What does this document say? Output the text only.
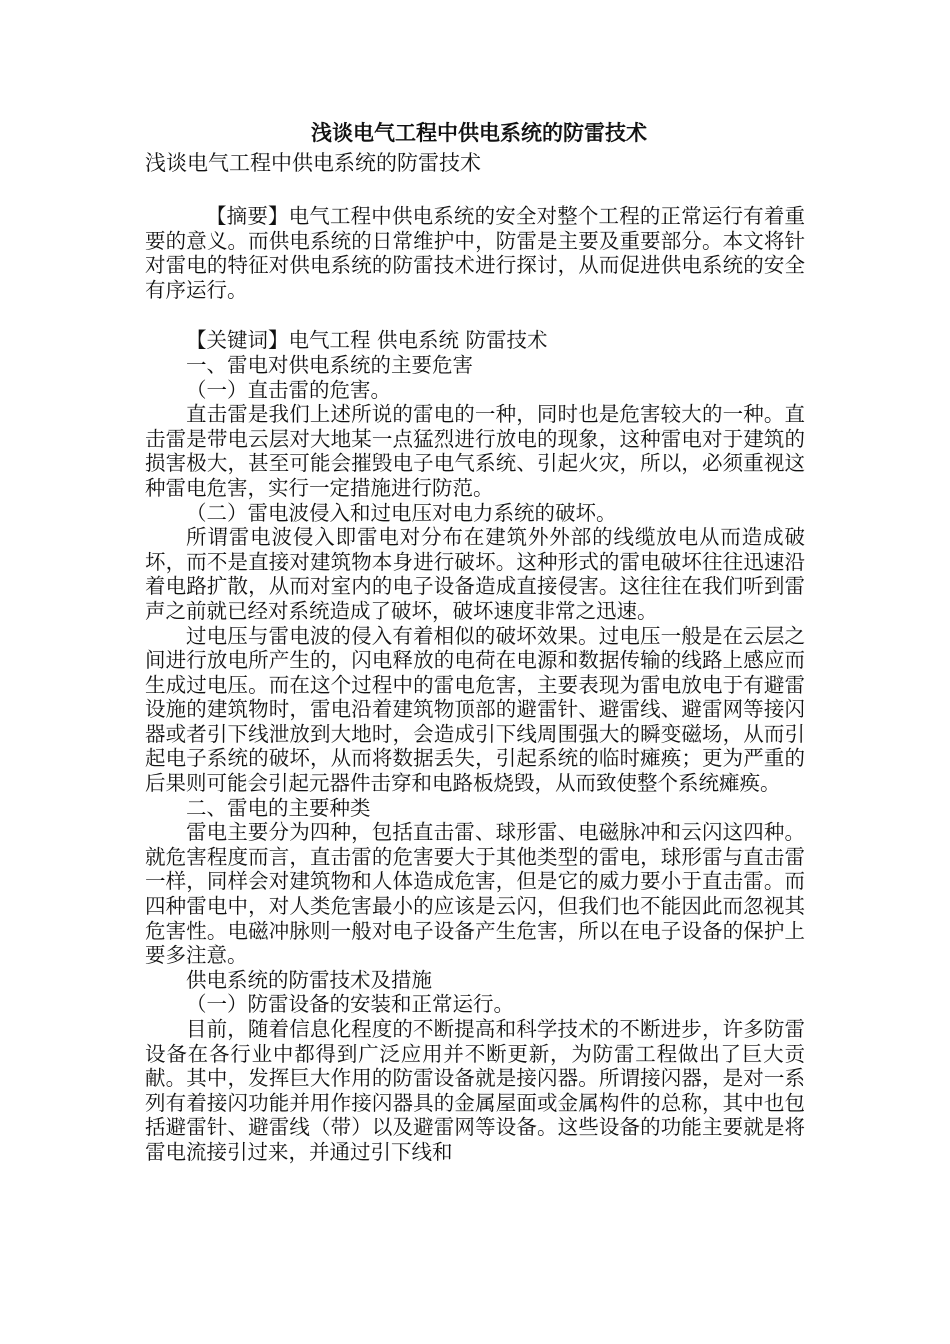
浅谈电气工程中供电系统的防雷技术
浅谈电气工程中供电系统的防雷技术

【摘要】电气工程中供电系统的安全对整个工程的正常运行有着重要的意义。而供电系统的日常维护中，防雷是主要及重要部分。本文将针对雷电的特征对供电系统的防雷技术进行探讨，从而促进供电系统的安全有序运行。

【关键词】电气工程 供电系统 防雷技术

一、雷电对供电系统的主要危害

（一）直击雷的危害。

直击雷是我们上述所说的雷电的一种，同时也是危害较大的一种。直击雷是带电云层对大地某一点猛烈进行放电的现象，这种雷电对于建筑的损害极大，甚至可能会摧毁电子电气系统、引起火灾，所以，必须重视这种雷电危害，实行一定措施进行防范。

（二）雷电波侵入和过电压对电力系统的破坏。

所谓雷电波侵入即雷电对分布在建筑外外部的线缆放电从而造成破坏，而不是直接对建筑物本身进行破坏。这种形式的雷电破坏往往迅速沿着电路扩散，从而对室内的电子设备造成直接侵害。这往往在我们听到雷声之前就已经对系统造成了破坏，破坏速度非常之迅速。

过电压与雷电波的侵入有着相似的破坏效果。过电压一般是在云层之间进行放电所产生的，闪电释放的电荷在电源和数据传输的线路上感应而生成过电压。而在这个过程中的雷电危害，主要表现为雷电放电于有避雷设施的建筑物时，雷电沿着建筑物顶部的避雷针、避雷线、避雷网等接闪器或者引下线泄放到大地时，会造成引下线周围强大的瞬变磁场，从而引起电子系统的破坏，从而将数据丢失，引起系统的临时瘫痪；更为严重的后果则可能会引起元器件击穿和电路板烧毁，从而致使整个系统瘫痪。

二、雷电的主要种类

雷电主要分为四种，包括直击雷、球形雷、电磁脉冲和云闪这四种。就危害程度而言，直击雷的危害要大于其他类型的雷电，球形雷与直击雷一样，同样会对建筑物和人体造成危害，但是它的威力要小于直击雷。而四种雷电中，对人类危害最小的应该是云闪，但我们也不能因此而忽视其危害性。电磁冲脉则一般对电子设备产生危害，所以在电子设备的保护上要多注意。

供电系统的防雷技术及措施

（一）防雷设备的安装和正常运行。

目前，随着信息化程度的不断提高和科学技术的不断进步，许多防雷设备在各行业中都得到广泛应用并不断更新，为防雷工程做出了巨大贡献。其中，发挥巨大作用的防雷设备就是接闪器。所谓接闪器，是对一系列有着接闪功能并用作接闪器具的金属屋面或金属构件的总称，其中也包括避雷针、避雷线（带）以及避雷网等设备。这些设备的功能主要就是将雷电流接引过来，并通过引下线和
